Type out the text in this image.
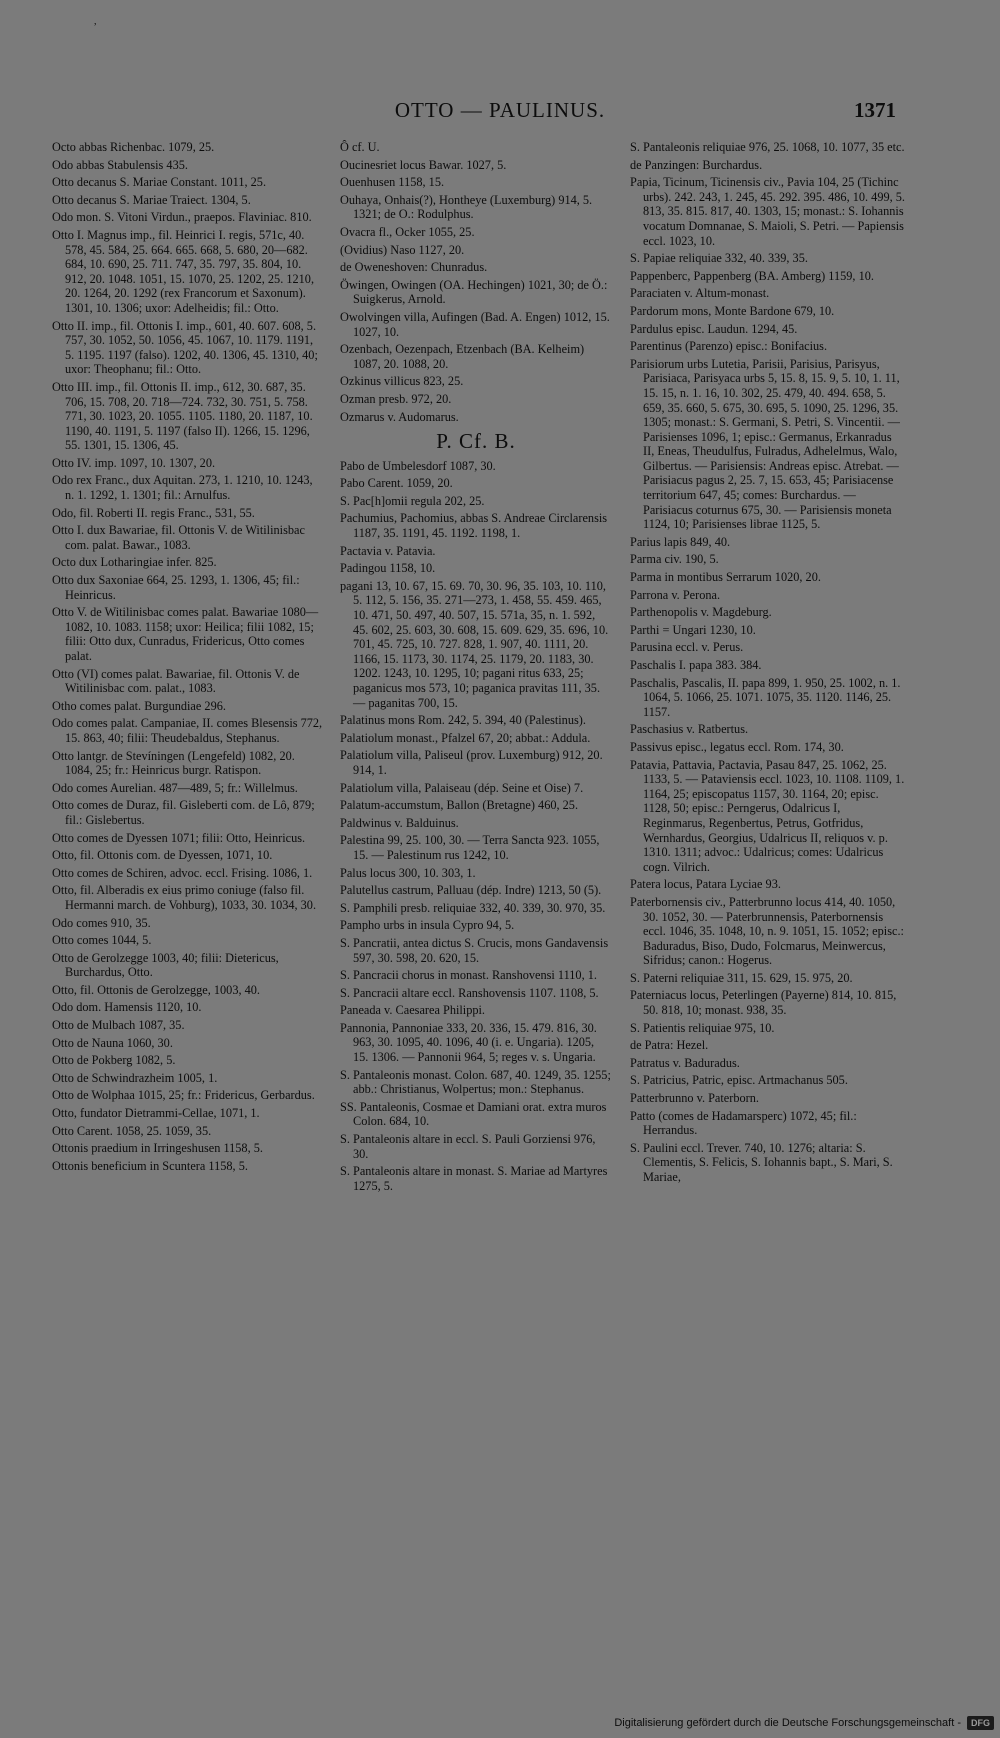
,
OTTO — PAULINUS.	1371
Octo abbas Richenbac. 1079, 25.
Odo abbas Stabulensis 435.
Otto decanus S. Mariae Constant. 1011, 25.
Otto decanus S. Mariae Traiect. 1304, 5.
Odo mon. S. Vitoni Virdun., praepos. Flaviniac. 810.
Otto I. Magnus imp., fil. Heinrici I. regis, 571c, 40. 578, 45. 584, 25. 664. 665. 668, 5. 680, 20—682. 684, 10. 690, 25. 711. 747, 35. 797, 35. 804, 10. 912, 20. 1048. 1051, 15. 1070, 25. 1202, 25. 1210, 20. 1264, 20. 1292 (rex Francorum et Saxonum). 1301, 10. 1306; uxor: Adelheidis; fil.: Otto.
Otto II. imp., fil. Ottonis I. imp., 601, 40. 607. 608, 5. 757, 30. 1052, 50. 1056, 45. 1067, 10. 1179. 1191, 5. 1195. 1197 (falso). 1202, 40. 1306, 45. 1310, 40; uxor: Theophanu; fil.: Otto.
Otto III. imp., fil. Ottonis II. imp., 612, 30. 687, 35. 706, 15. 708, 20. 718—724. 732, 30. 751, 5. 758. 771, 30. 1023, 20. 1055. 1105. 1180, 20. 1187, 10. 1190, 40. 1191, 5. 1197 (falso II). 1266, 15. 1296, 55. 1301, 15. 1306, 45.
Otto IV. imp. 1097, 10. 1307, 20.
Odo rex Franc., dux Aquitan. 273, 1. 1210, 10. 1243, n. 1. 1292, 1. 1301; fil.: Arnulfus.
Odo, fil. Roberti II. regis Franc., 531, 55.
Otto I. dux Bawariae, fil. Ottonis V. de Witilinisbac com. palat. Bawar., 1083.
Octo dux Lotharingiae infer. 825.
Otto dux Saxoniae 664, 25. 1293, 1. 1306, 45; fil.: Heinricus.
Otto V. de Witilinisbac comes palat. Bawariae 1080—1082, 10. 1083. 1158; uxor: Heilica; filii 1082, 15; filii: Otto dux, Cunradus, Fridericus, Otto comes palat.
Otto (VI) comes palat. Bawariae, fil. Ottonis V. de Witilinisbac com. palat., 1083.
Otho comes palat. Burgundiae 296.
Odo comes palat. Campaniae, II. comes Blesensis 772, 15. 863, 40; filii: Theudebaldus, Stephanus.
Otto lantgr. de Stevíningen (Lengefeld) 1082, 20. 1084, 25; fr.: Heinricus burgr. Ratispon.
Odo comes Aurelian. 487—489, 5; fr.: Willelmus.
Otto comes de Duraz, fil. Gisleberti com. de Lô, 879; fil.: Gislebertus.
Otto comes de Dyessen 1071; filii: Otto, Heinricus.
Otto, fil. Ottonis com. de Dyessen, 1071, 10.
Otto comes de Schiren, advoc. eccl. Frising. 1086, 1.
Otto, fil. Alberadis ex eius primo coniuge (falso fil. Hermanni march. de Vohburg), 1033, 30. 1034, 30.
Odo comes 910, 35.
Otto comes 1044, 5.
Otto de Gerolzegge 1003, 40; filii: Dietericus, Burchardus, Otto.
Otto, fil. Ottonis de Gerolzegge, 1003, 40.
Odo dom. Hamensis 1120, 10.
Otto de Mulbach 1087, 35.
Otto de Nauna 1060, 30.
Otto de Pokberg 1082, 5.
Otto de Schwindrazheim 1005, 1.
Otto de Wolphaa 1015, 25; fr.: Fridericus, Gerbardus.
Otto, fundator Dietrammi-Cellae, 1071, 1.
Otto Carent. 1058, 25. 1059, 35.
Ottonis praedium in Irringeshusen 1158, 5.
Ottonis beneficium in Scuntera 1158, 5.
Ô cf. U.
Oucinesriet locus Bawar. 1027, 5.
Ouenhusen 1158, 15.
Ouhaya, Onhais(?), Hontheye (Luxemburg) 914, 5. 1321; de O.: Rodulphus.
Ovacra fl., Ocker 1055, 25.
(Ovidius) Naso 1127, 20.
de Oweneshoven: Chunradus.
Öwingen, Owingen (OA. Hechingen) 1021, 30; de Ö.: Suigkerus, Arnold.
Owolvingen villa, Aufingen (Bad. A. Engen) 1012, 15. 1027, 10.
Ozenbach, Oezenpach, Etzenbach (BA. Kelheim) 1087, 20. 1088, 20.
Ozkinus villicus 823, 25.
Ozman presb. 972, 20.
Ozmarus v. Audomarus.
P. Cf. B.
Pabo de Umbelesdorf 1087, 30.
Pabo Carent. 1059, 20.
S. Pac[h]omii regula 202, 25.
Pachumius, Pachomius, abbas S. Andreae Circlarensis 1187, 35. 1191, 45. 1192. 1198, 1.
Pactavia v. Patavia.
Padingou 1158, 10.
pagani 13, 10. 67, 15. 69. 70, 30. 96, 35. 103, 10. 110, 5. 112, 5. 156, 35. 271—273, 1. 458, 55. 459. 465, 10. 471, 50. 497, 40. 507, 15. 571a, 35, n. 1. 592, 45. 602, 25. 603, 30. 608, 15. 609. 629, 35. 696, 10. 701, 45. 725, 10. 727. 828, 1. 907, 40. 1111, 20. 1166, 15. 1173, 30. 1174, 25. 1179, 20. 1183, 30. 1202. 1243, 10. 1295, 10; pagani ritus 633, 25; paganicus mos 573, 10; paganica pravitas 111, 35. — paganitas 700, 15.
Palatinus mons Rom. 242, 5. 394, 40 (Palestinus).
Palatiolum monast., Pfalzel 67, 20; abbat.: Addula.
Palatiolum villa, Paliseul (prov. Luxemburg) 912, 20. 914, 1.
Palatiolum villa, Palaiseau (dép. Seine et Oise) 7.
Palatum-accumstum, Ballon (Bretagne) 460, 25.
Paldwinus v. Balduinus.
Palestina 99, 25. 100, 30. — Terra Sancta 923. 1055, 15. — Palestinum rus 1242, 10.
Palus locus 300, 10. 303, 1.
Palutellus castrum, Palluau (dép. Indre) 1213, 50 (5).
S. Pamphili presb. reliquiae 332, 40. 339, 30. 970, 35.
Pampho urbs in insula Cypro 94, 5.
S. Pancratii, antea dictus S. Crucis, mons Gandavensis 597, 30. 598, 20. 620, 15.
S. Pancracii chorus in monast. Ranshovensi 1110, 1.
S. Pancracii altare eccl. Ranshovensis 1107. 1108, 5.
Paneada v. Caesarea Philippi.
Pannonia, Pannoniae 333, 20. 336, 15. 479. 816, 30. 963, 30. 1095, 40. 1096, 40 (i. e. Ungaria). 1205, 15. 1306. — Pannonii 964, 5; reges v. s. Ungaria.
S. Pantaleonis monast. Colon. 687, 40. 1249, 35. 1255; abb.: Christianus, Wolpertus; mon.: Stephanus.
SS. Pantaleonis, Cosmae et Damiani orat. extra muros Colon. 684, 10.
S. Pantaleonis altare in eccl. S. Pauli Gorziensi 976, 30.
S. Pantaleonis altare in monast. S. Mariae ad Martyres 1275, 5.
S. Pantaleonis reliquiae 976, 25. 1068, 10. 1077, 35 etc.
de Panzingen: Burchardus.
Papia, Ticinum, Ticinensis civ., Pavia 104, 25 (Tichinc urbs). 242. 243, 1. 245, 45. 292. 395. 486, 10. 499, 5. 813, 35. 815. 817, 40. 1303, 15; monast.: S. Iohannis vocatum Domnanae, S. Maioli, S. Petri. — Papiensis eccl. 1023, 10.
S. Papiae reliquiae 332, 40. 339, 35.
Pappenberc, Pappenberg (BA. Amberg) 1159, 10.
Paraciaten v. Altum-monast.
Pardorum mons, Monte Bardone 679, 10.
Pardulus episc. Laudun. 1294, 45.
Parentinus (Parenzo) episc.: Bonifacius.
Parisiorum urbs Lutetia, Parisii, Parisius, Parisyus, Parisiaca, Parisyaca urbs 5, 15. 8, 15. 9, 5. 10, 1. 11, 15. 15, n. 1. 16, 10. 302, 25. 479, 40. 494. 658, 5. 659, 35. 660, 5. 675, 30. 695, 5. 1090, 25. 1296, 35. 1305; monast.: S. Germani, S. Petri, S. Vincentii. — Parisienses 1096, 1; episc.: Germanus, Erkanradus II, Eneas, Theudulfus, Fulradus, Adhelelmus, Walo, Gilbertus. — Parisiensis: Andreas episc. Atrebat. — Parisiacus pagus 2, 25. 7, 15. 653, 45; Parisiacense territorium 647, 45; comes: Burchardus. — Parisiacus coturnus 675, 30. — Parisiensis moneta 1124, 10; Parisienses librae 1125, 5.
Parius lapis 849, 40.
Parma civ. 190, 5.
Parma in montibus Serrarum 1020, 20.
Parrona v. Perona.
Parthenopolis v. Magdeburg.
Parthi = Ungari 1230, 10.
Parusina eccl. v. Perus.
Paschalis I. papa 383. 384.
Paschalis, Pascalis, II. papa 899, 1. 950, 25. 1002, n. 1. 1064, 5. 1066, 25. 1071. 1075, 35. 1120. 1146, 25. 1157.
Paschasius v. Ratbertus.
Passivus episc., legatus eccl. Rom. 174, 30.
Patavia, Pattavia, Pactavia, Pasau 847, 25. 1062, 25. 1133, 5. — Pataviensis eccl. 1023, 10. 1108. 1109, 1. 1164, 25; episcopatus 1157, 30. 1164, 20; episc. 1128, 50; episc.: Perngerus, Odalricus I, Reginmarus, Regenbertus, Petrus, Gotfridus, Wernhardus, Georgius, Udalricus II, reliquos v. p. 1310. 1311; advoc.: Udalricus; comes: Udalricus cogn. Vilrich.
Patera locus, Patara Lyciae 93.
Paterbornensis civ., Patterbrunno locus 414, 40. 1050, 30. 1052, 30. — Paterbrunnensis, Paterbornensis eccl. 1046, 35. 1048, 10, n. 9. 1051, 15. 1052; episc.: Baduradus, Biso, Dudo, Folcmarus, Meinwercus, Sifridus; canon.: Hogerus.
S. Paterni reliquiae 311, 15. 629, 15. 975, 20.
Paterniacus locus, Peterlingen (Payerne) 814, 10. 815, 50. 818, 10; monast. 938, 35.
S. Patientis reliquiae 975, 10.
de Patra: Hezel.
Patratus v. Baduradus.
S. Patricius, Patric, episc. Artmachanus 505.
Patterbrunno v. Paterborn.
Patto (comes de Hadamarsperc) 1072, 45; fil.: Herrandus.
S. Paulini eccl. Trever. 740, 10. 1276; altaria: S. Clementis, S. Felicis, S. Iohannis bapt., S. Mari, S. Mariae,
Digitalisierung gefördert durch die Deutsche Forschungsgemeinschaft -	DFG
